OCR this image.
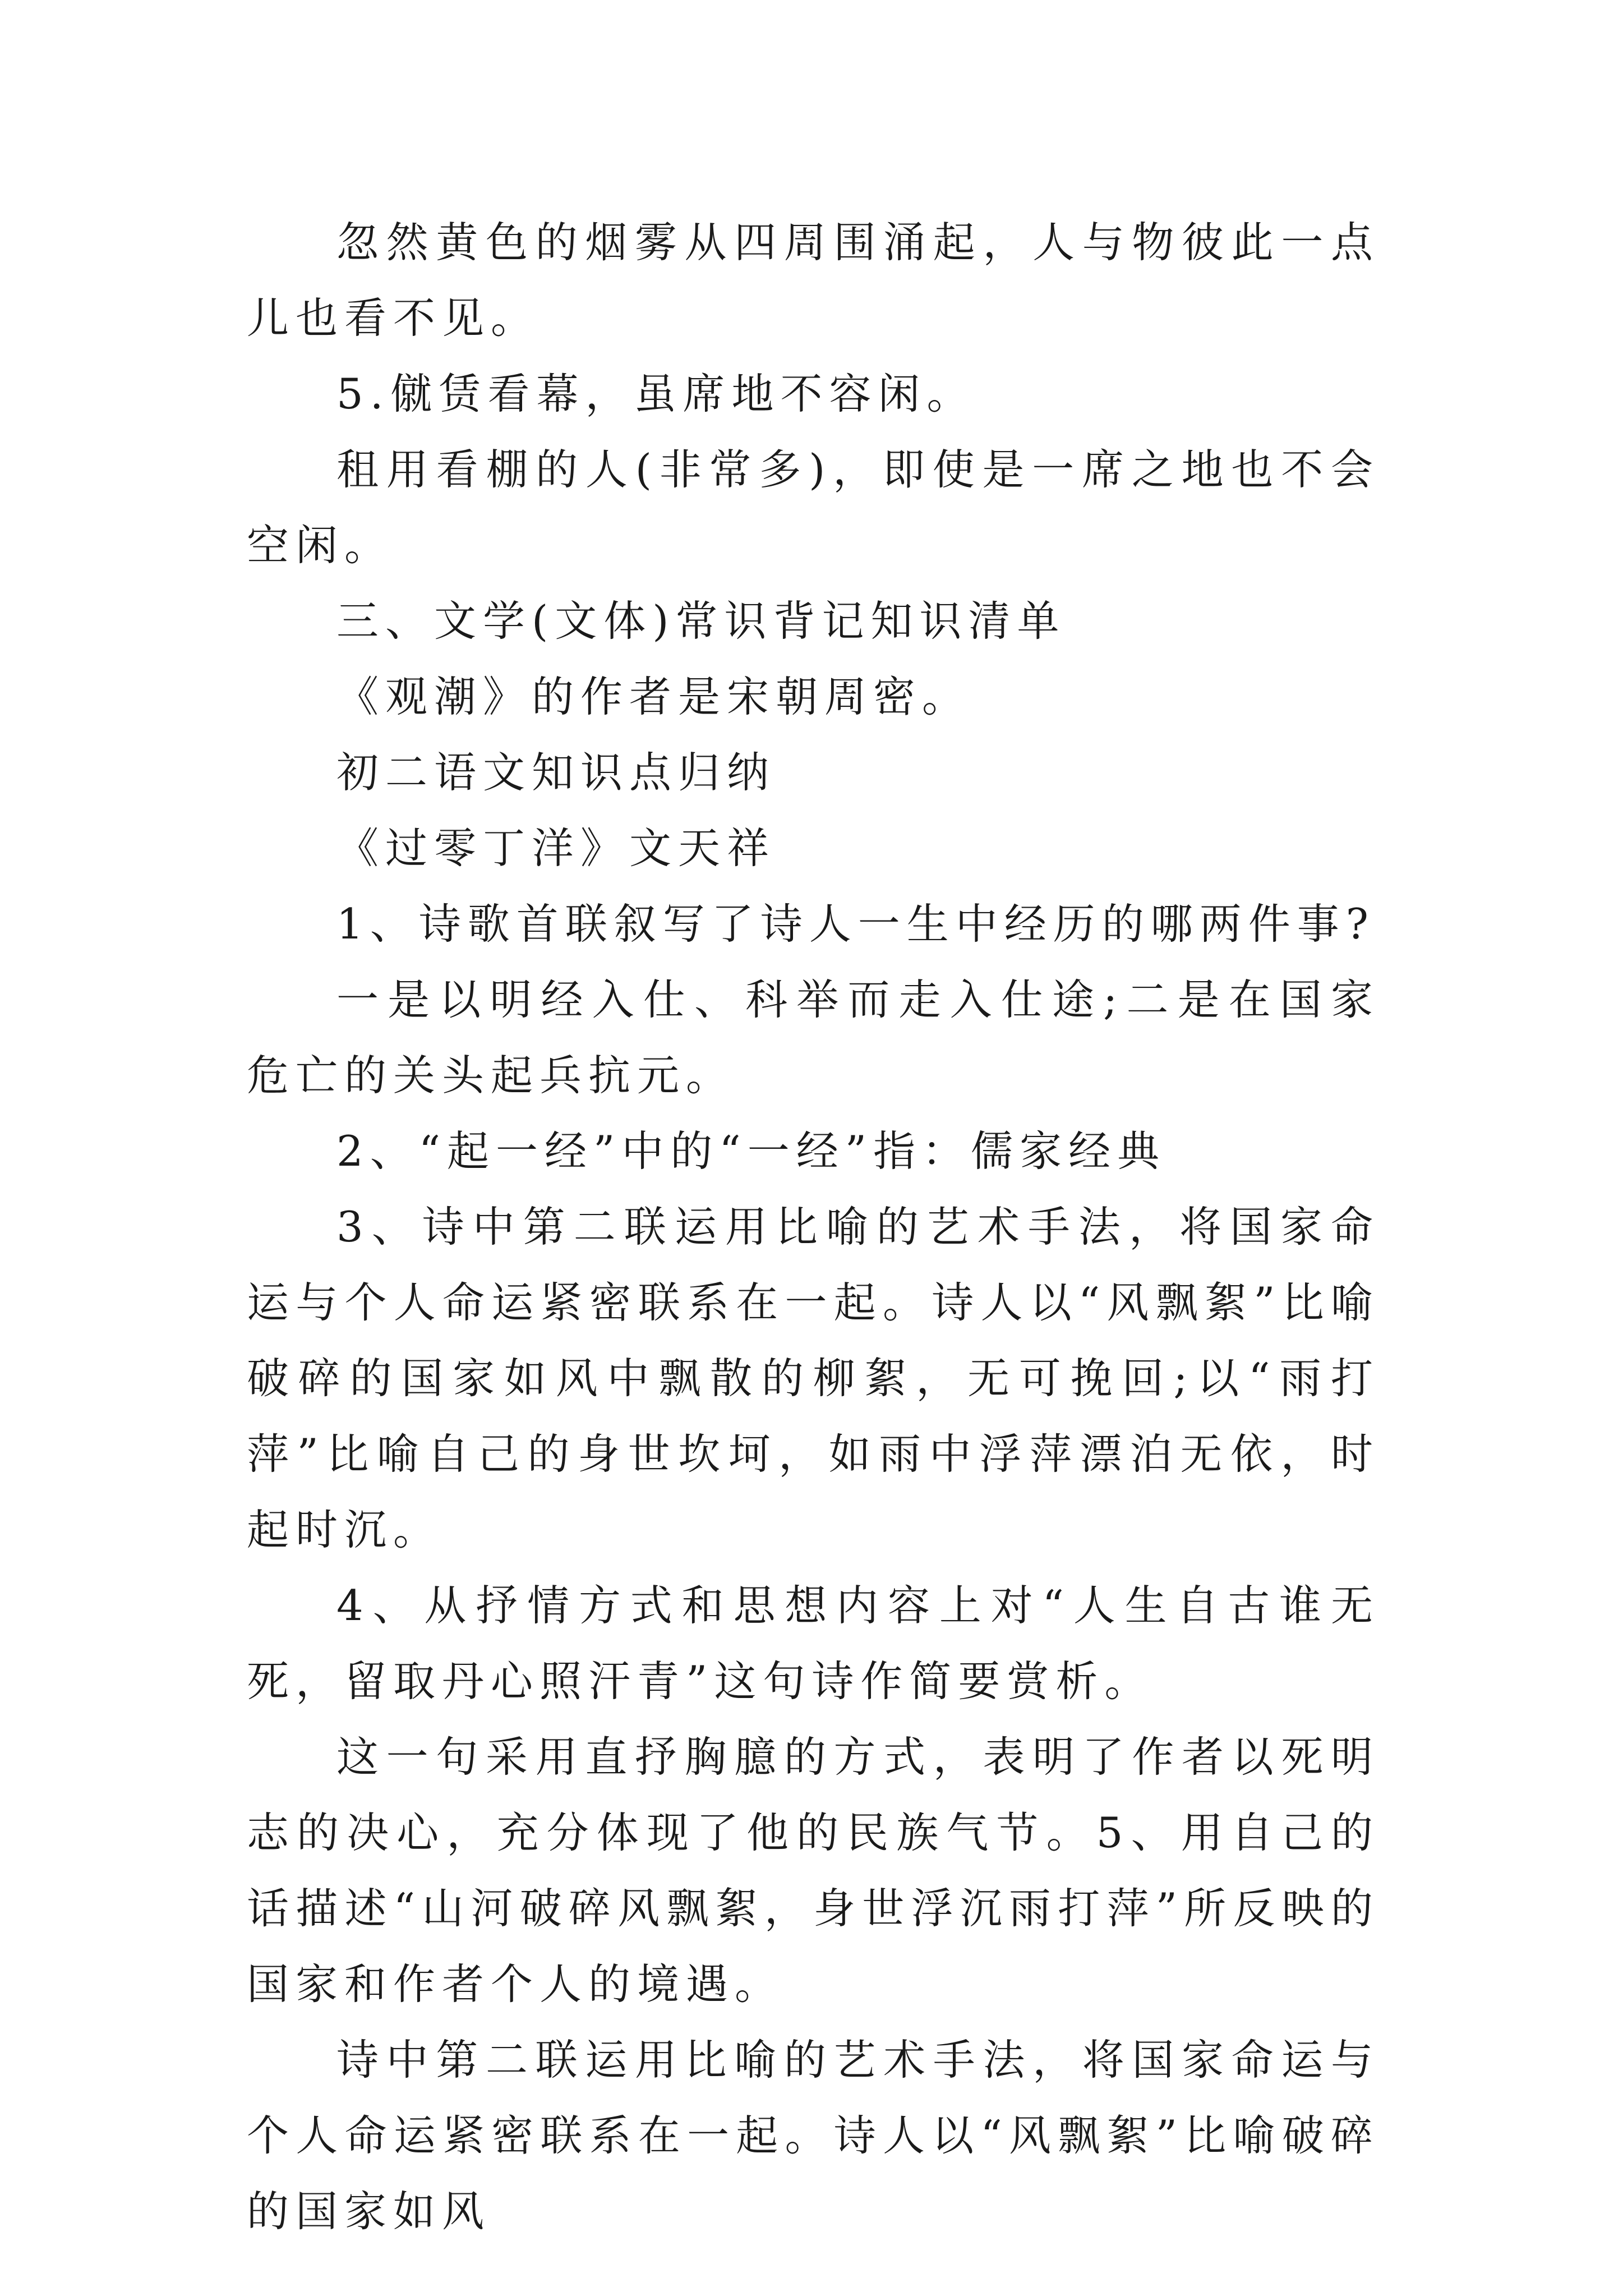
忽然黄色的烟雾从四周围涌起，人与物彼此一点儿也看不见。

5.僦赁看幕，虽席地不容闲。

租用看棚的人(非常多)，即使是一席之地也不会空闲。

三、文学(文体)常识背记知识清单

《观潮》的作者是宋朝周密。

初二语文知识点归纳

《过零丁洋》文天祥

1、诗歌首联叙写了诗人一生中经历的哪两件事?

一是以明经入仕、科举而走入仕途;二是在国家危亡的关头起兵抗元。

2、“起一经”中的“一经”指：儒家经典

3、诗中第二联运用比喻的艺术手法，将国家命运与个人命运紧密联系在一起。诗人以“风飘絮”比喻破碎的国家如风中飘散的柳絮，无可挽回;以“雨打萍”比喻自己的身世坎坷，如雨中浮萍漂泊无依，时起时沉。

4、从抒情方式和思想内容上对“人生自古谁无死，留取丹心照汗青”这句诗作简要赏析。

这一句采用直抒胸臆的方式，表明了作者以死明志的决心，充分体现了他的民族气节。5、用自己的话描述“山河破碎风飘絮，身世浮沉雨打萍”所反映的国家和作者个人的境遇。

诗中第二联运用比喻的艺术手法，将国家命运与个人命运紧密联系在一起。诗人以“风飘絮”比喻破碎的国家如风
